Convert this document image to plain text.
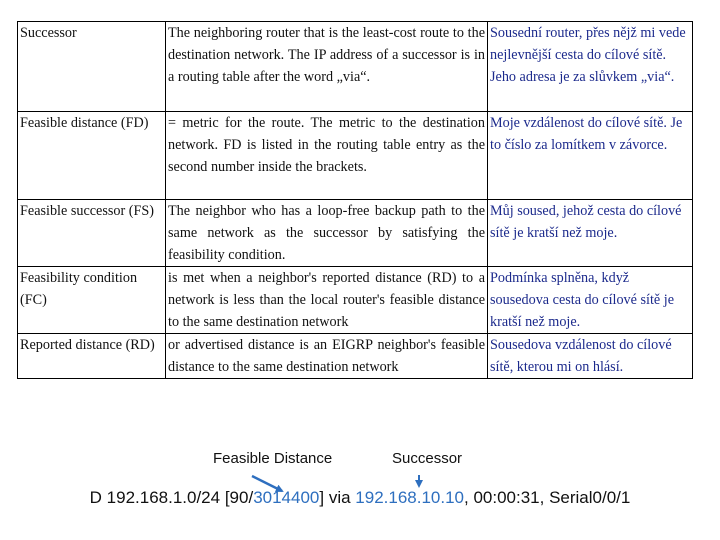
Successor	The neighboring router that is the least-cost route to the destination network. The IP address of a successor is in a routing table after the word „via“.	Sousední router, přes nějž mi vede nejlevnější cesta do cílové sítě. Jeho adresa je za slůvkem „via“.
Feasible distance (FD)	= metric for the route. The metric to the destination network. FD is listed in the routing table entry as the second number inside the brackets.	Moje vzdálenost do cílové sítě. Je to číslo za lomítkem v závorce.
Feasible successor (FS)	The neighbor who has a loop-free backup path to the same network as the successor by satisfying the feasibility condition.	Můj soused, jehož cesta do cílové sítě je kratší než moje.
Feasibility condition (FC)	is met when a neighbor's reported distance (RD) to a network is less than the local router's feasible distance to the same destination network	Podmínka splněna, když sousedova cesta do cílové sítě je kratší než moje.
Reported distance (RD)	or advertised distance is an EIGRP neighbor's feasible distance to the same destination network	Sousedova vzdálenost do cílové sítě, kterou mi on hlásí.
Feasible Distance	Successor
D 192.168.1.0/24 [90/3014400] via 192.168.10.10, 00:00:31, Serial0/0/1
